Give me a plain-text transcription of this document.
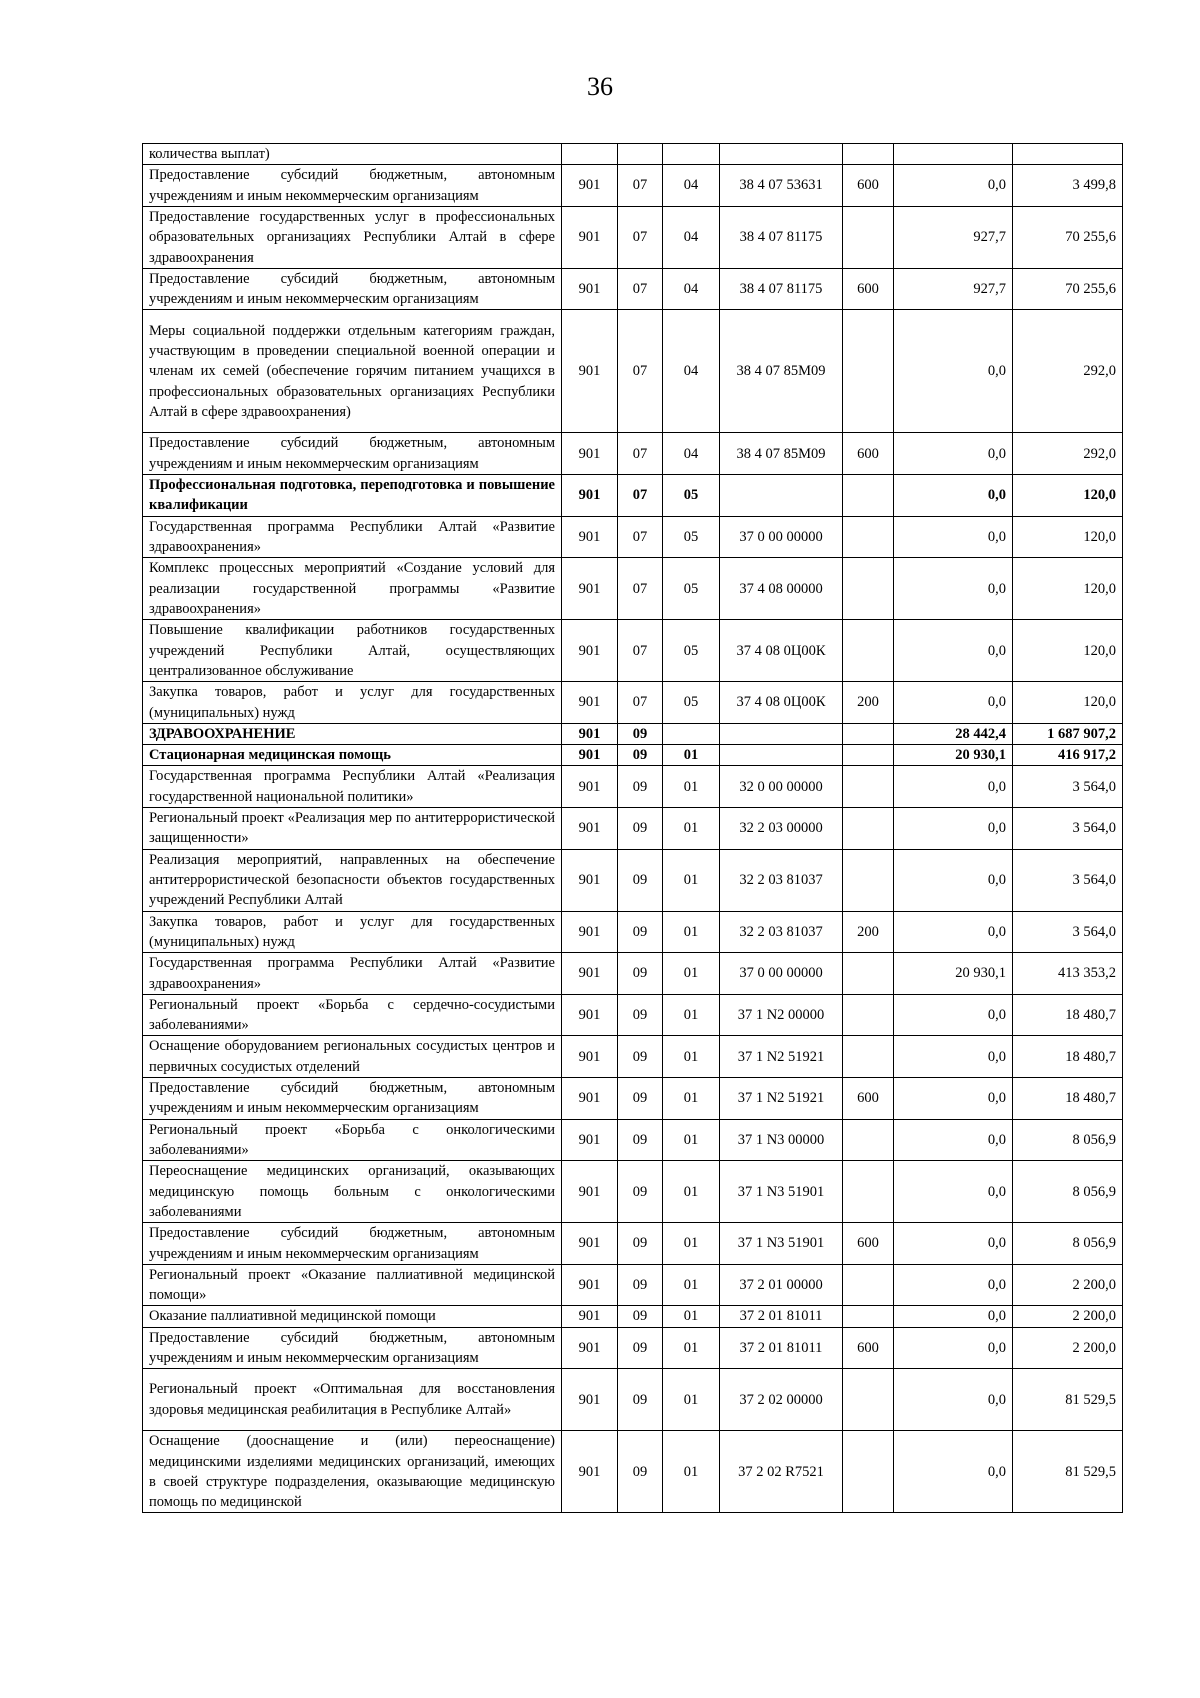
36
количества выплат)							
Предоставление субсидий бюджетным, автономным учреждениям и иным некоммерческим организациям	901	07	04	38 4 07 53631	600	0,0	3 499,8
Предоставление государственных услуг в профессиональных образовательных организациях Республики Алтай в сфере здравоохранения	901	07	04	38 4 07 81175		927,7	70 255,6
Предоставление субсидий бюджетным, автономным учреждениям и иным некоммерческим организациям	901	07	04	38 4 07 81175	600	927,7	70 255,6
Меры социальной поддержки отдельным категориям граждан, участвующим в проведении специальной военной операции и членам их семей (обеспечение горячим питанием учащихся в профессиональных образовательных организациях Республики Алтай в сфере здравоохранения)	901	07	04	38 4 07 85М09		0,0	292,0
Предоставление субсидий бюджетным, автономным учреждениям и иным некоммерческим организациям	901	07	04	38 4 07 85М09	600	0,0	292,0
Профессиональная подготовка, переподготовка и повышение квалификации	901	07	05			0,0	120,0
Государственная программа Республики Алтай «Развитие здравоохранения»	901	07	05	37 0 00 00000		0,0	120,0
Комплекс процессных мероприятий «Создание условий для реализации государственной программы «Развитие здравоохранения»	901	07	05	37 4 08 00000		0,0	120,0
Повышение квалификации работников государственных учреждений Республики Алтай, осуществляющих централизованное обслуживание	901	07	05	37 4 08 0Ц00К		0,0	120,0
Закупка товаров, работ и услуг для государственных (муниципальных) нужд	901	07	05	37 4 08 0Ц00К	200	0,0	120,0
ЗДРАВООХРАНЕНИЕ	901	09				28 442,4	1 687 907,2
Стационарная медицинская помощь	901	09	01			20 930,1	416 917,2
Государственная программа Республики Алтай «Реализация государственной национальной политики»	901	09	01	32 0 00 00000		0,0	3 564,0
Региональный проект «Реализация мер по антитеррористической защищенности»	901	09	01	32 2 03 00000		0,0	3 564,0
Реализация мероприятий, направленных на обеспечение антитеррористической безопасности объектов государственных учреждений Республики Алтай	901	09	01	32 2 03 81037		0,0	3 564,0
Закупка товаров, работ и услуг для государственных (муниципальных) нужд	901	09	01	32 2 03 81037	200	0,0	3 564,0
Государственная программа Республики Алтай «Развитие здравоохранения»	901	09	01	37 0 00 00000		20 930,1	413 353,2
Региональный проект «Борьба с сердечно-сосудистыми заболеваниями»	901	09	01	37 1 N2 00000		0,0	18 480,7
Оснащение оборудованием региональных сосудистых центров и первичных сосудистых отделений	901	09	01	37 1 N2 51921		0,0	18 480,7
Предоставление субсидий бюджетным, автономным учреждениям и иным некоммерческим организациям	901	09	01	37 1 N2 51921	600	0,0	18 480,7
Региональный проект «Борьба с онкологическими заболеваниями»	901	09	01	37 1 N3 00000		0,0	8 056,9
Переоснащение медицинских организаций, оказывающих медицинскую помощь больным с онкологическими заболеваниями	901	09	01	37 1 N3 51901		0,0	8 056,9
Предоставление субсидий бюджетным, автономным учреждениям и иным некоммерческим организациям	901	09	01	37 1 N3 51901	600	0,0	8 056,9
Региональный проект «Оказание паллиативной медицинской помощи»	901	09	01	37 2 01 00000		0,0	2 200,0
Оказание паллиативной медицинской помощи	901	09	01	37 2 01 81011		0,0	2 200,0
Предоставление субсидий бюджетным, автономным учреждениям и иным некоммерческим организациям	901	09	01	37 2 01 81011	600	0,0	2 200,0
Региональный проект «Оптимальная для восстановления здоровья медицинская реабилитация в Республике Алтай»	901	09	01	37 2 02 00000		0,0	81 529,5
Оснащение (дооснащение и (или) переоснащение) медицинскими изделиями медицинских организаций, имеющих в своей структуре подразделения, оказывающие медицинскую помощь по медицинской	901	09	01	37 2 02 R7521		0,0	81 529,5
